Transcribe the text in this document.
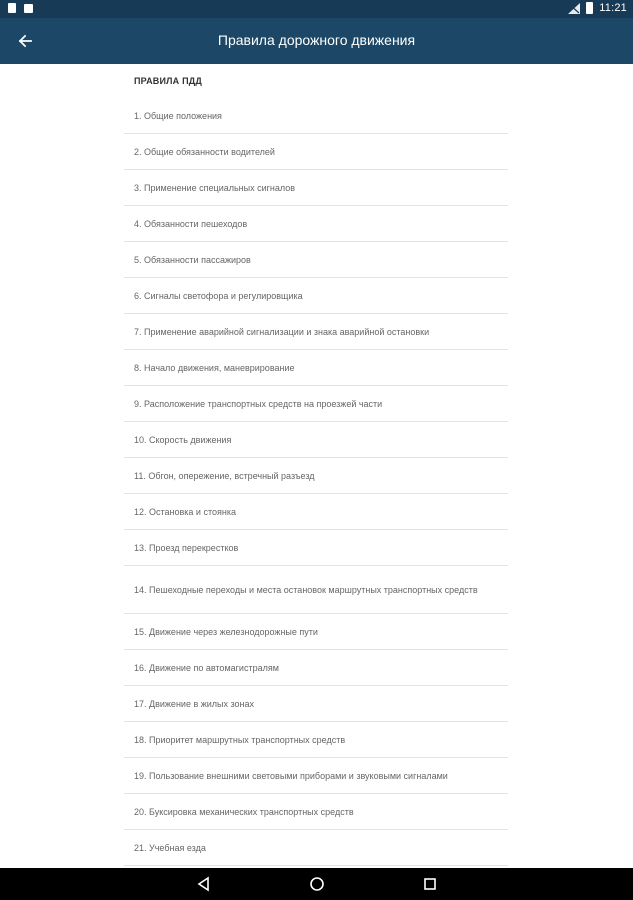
11:21
Правила дорожного движения
ПРАВИЛА ПДД
1. Общие положения
2. Общие обязанности водителей
3. Применение специальных сигналов
4. Обязанности пешеходов
5. Обязанности пассажиров
6. Сигналы светофора и регулировщика
7. Применение аварийной сигнализации и знака аварийной остановки
8. Начало движения, маневрирование
9. Расположение транспортных средств на проезжей части
10. Скорость движения
11. Обгон, опережение, встречный разъезд
12. Остановка и стоянка
13. Проезд перекрестков
14. Пешеходные переходы и места остановок маршрутных транспортных средств
15. Движение через железнодорожные пути
16. Движение по автомагистралям
17. Движение в жилых зонах
18. Приоритет маршрутных транспортных средств
19. Пользование внешними световыми приборами и звуковыми сигналами
20. Буксировка механических транспортных средств
21. Учебная езда
